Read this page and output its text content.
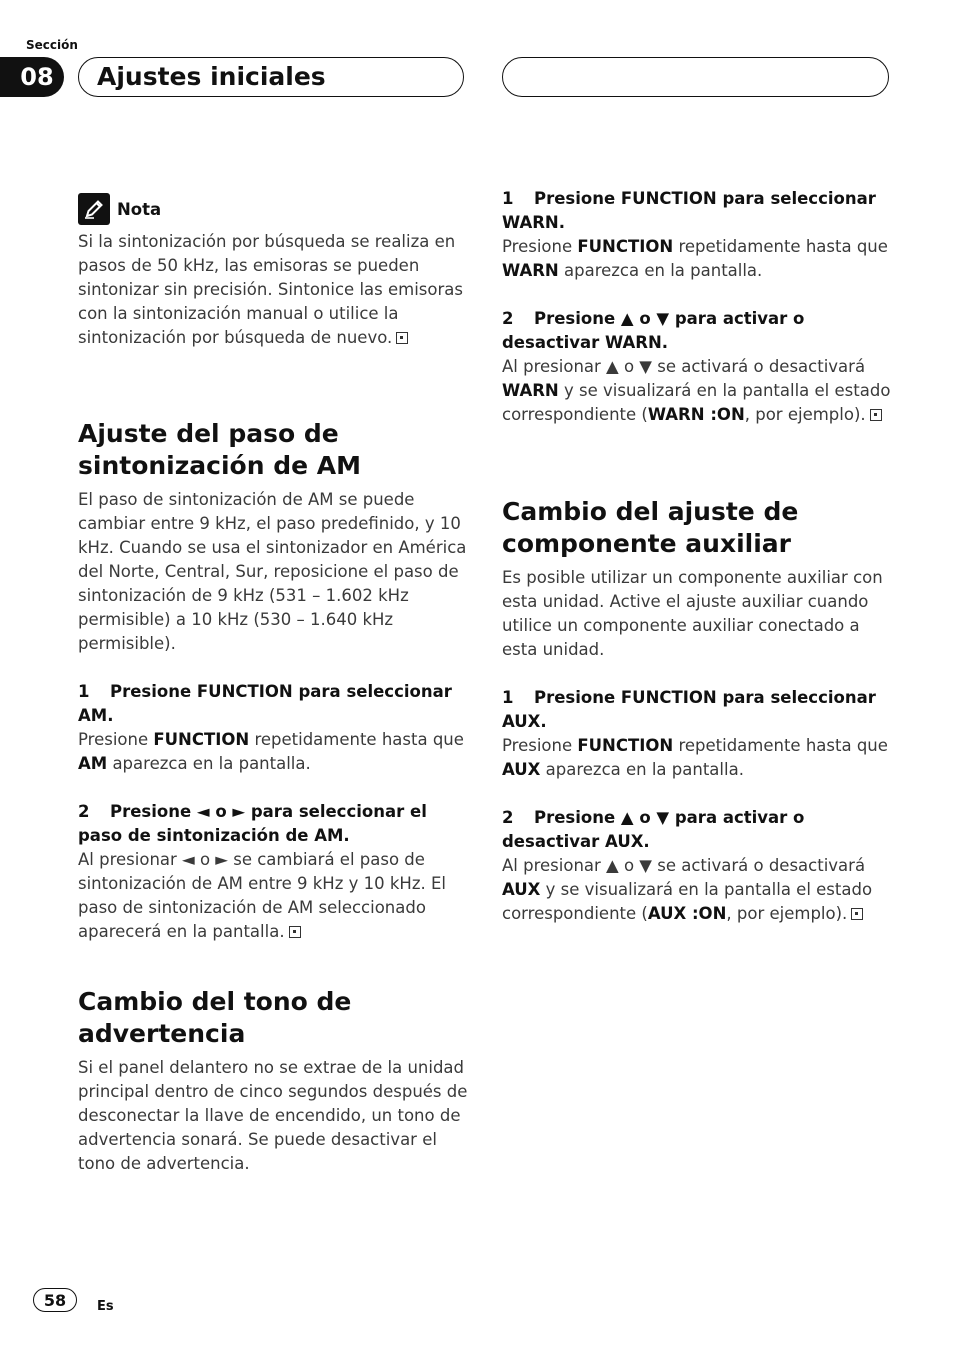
Sección
08	Ajustes iniciales
Nota

Si la sintonización por búsqueda se realiza en pasos de 50 kHz, las emisoras se pueden sintonizar sin precisión. Sintonice las emisoras con la sintonización manual o utilice la sintonización por búsqueda de nuevo.

Ajuste del paso de sintonización de AM

El paso de sintonización de AM se puede cambiar entre 9 kHz, el paso predefinido, y 10 kHz. Cuando se usa el sintonizador en América del Norte, Central, Sur, reposicione el paso de sintonización de 9 kHz (531 – 1.602 kHz permisible) a 10 kHz (530 – 1.640 kHz permisible).

1 Presione FUNCTION para seleccionar AM.

Presione FUNCTION repetidamente hasta que AM aparezca en la pantalla.

2 Presione ◄ o ► para seleccionar el paso de sintonización de AM.

Al presionar ◄ o ► se cambiará el paso de sintonización de AM entre 9 kHz y 10 kHz. El paso de sintonización de AM seleccionado aparecerá en la pantalla.

Cambio del tono de advertencia

Si el panel delantero no se extrae de la unidad principal dentro de cinco segundos después de desconectar la llave de encendido, un tono de advertencia sonará. Se puede desactivar el tono de advertencia.

1 Presione FUNCTION para seleccionar WARN.

Presione FUNCTION repetidamente hasta que WARN aparezca en la pantalla.

2 Presione ▲ o ▼ para activar o desactivar WARN.

Al presionar ▲ o ▼ se activará o desactivará WARN y se visualizará en la pantalla el estado correspondiente (WARN :ON, por ejemplo).

Cambio del ajuste de componente auxiliar

Es posible utilizar un componente auxiliar con esta unidad. Active el ajuste auxiliar cuando utilice un componente auxiliar conectado a esta unidad.

1 Presione FUNCTION para seleccionar AUX.

Presione FUNCTION repetidamente hasta que AUX aparezca en la pantalla.

2 Presione ▲ o ▼ para activar o desactivar AUX.

Al presionar ▲ o ▼ se activará o desactivará AUX y se visualizará en la pantalla el estado correspondiente (AUX :ON, por ejemplo).

58	Es
